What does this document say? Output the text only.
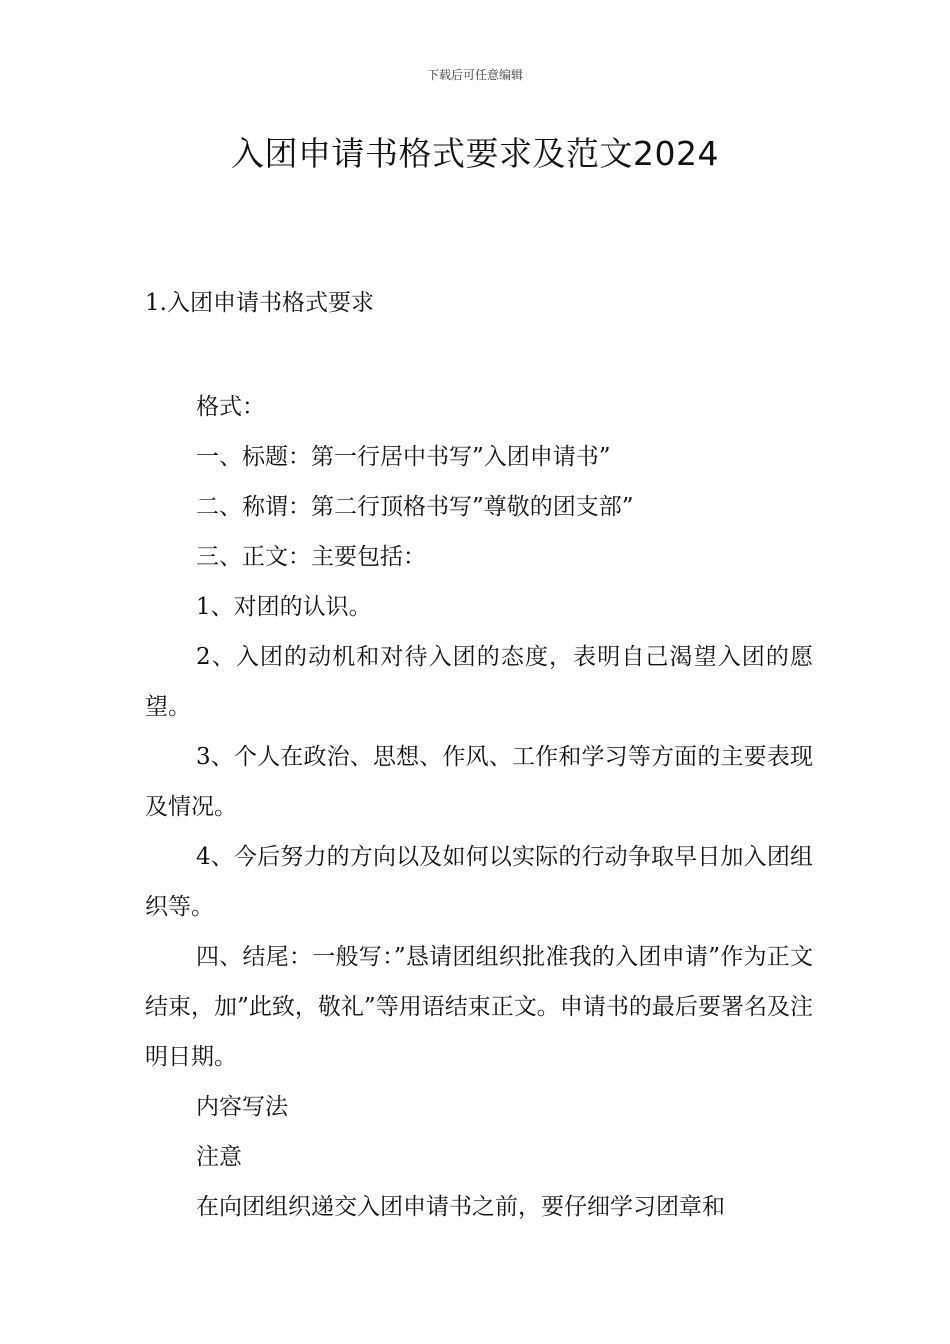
下载后可任意编辑
入团申请书格式要求及范文2024
1.入团申请书格式要求

格式：

一、标题：第一行居中书写”入团申请书”

二、称谓：第二行顶格书写”尊敬的团支部”

三、正文：主要包括：

1、对团的认识。

2、入团的动机和对待入团的态度，表明自己渴望入团的愿望。

3、个人在政治、思想、作风、工作和学习等方面的主要表现及情况。

4、今后努力的方向以及如何以实际的行动争取早日加入团组织等。

四、结尾：一般写：”恳请团组织批准我的入团申请”作为正文结束，加”此致，敬礼”等用语结束正文。申请书的最后要署名及注明日期。

内容写法

注意

在向团组织递交入团申请书之前，要仔细学习团章和
